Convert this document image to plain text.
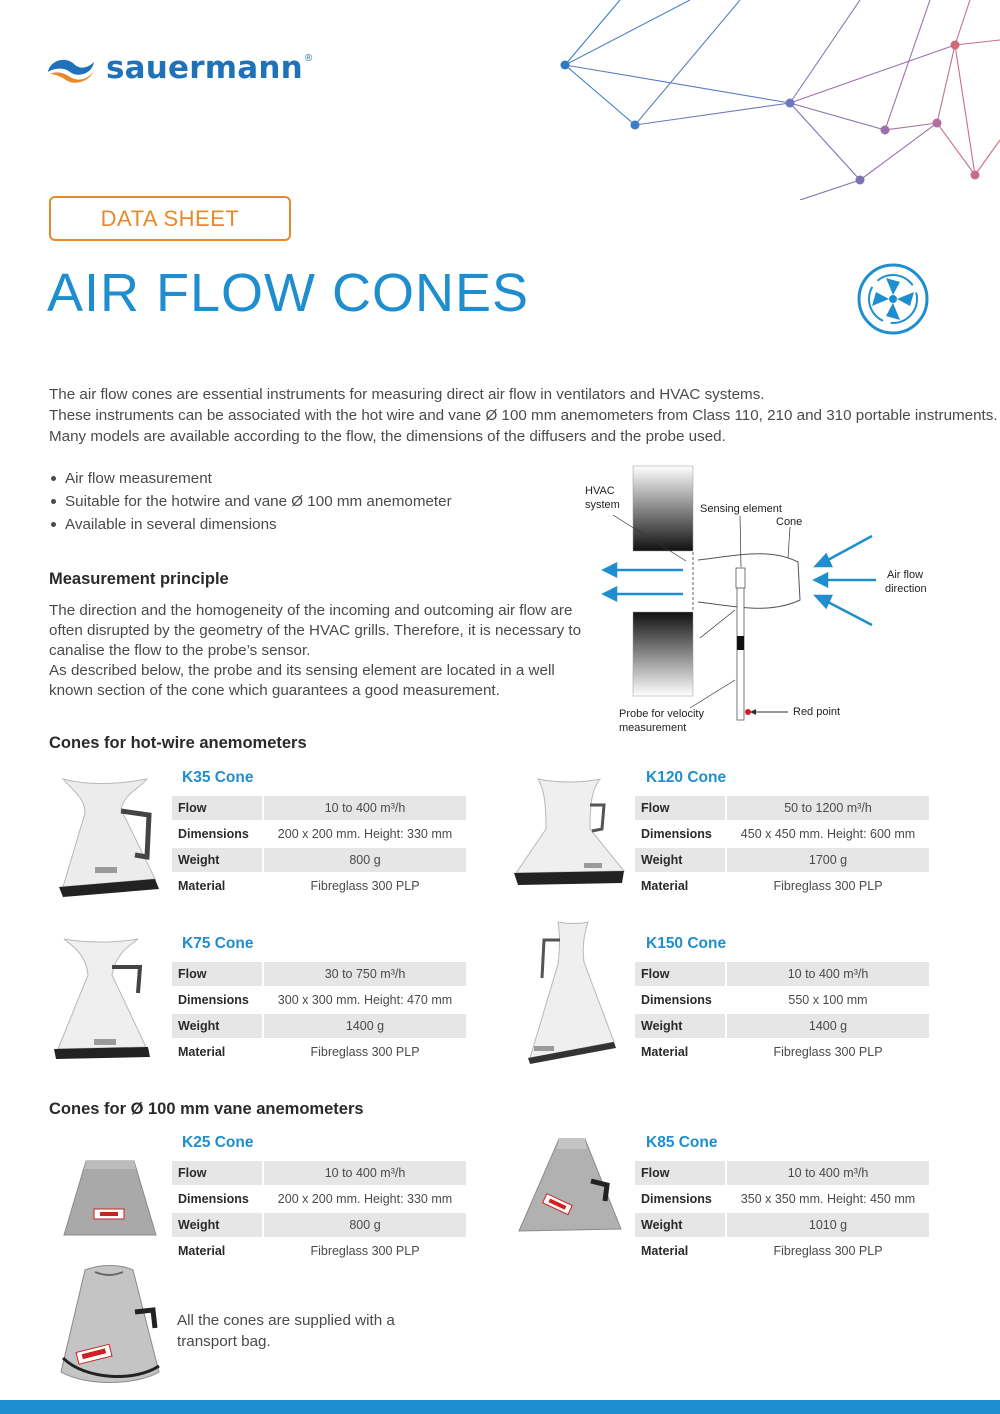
sauermann ®
DATA SHEET
AIR FLOW CONES

The air flow cones are essential instruments for measuring direct air flow in ventilators and HVAC systems.

These instruments can be associated with the hot wire and vane Ø 100 mm anemometers from Class 110, 210 and 310 portable instruments.

Many models are available according to the flow, the dimensions of the diffusers and the probe used.

Air flow measurement
Suitable for the hotwire and vane Ø 100 mm anemometer
Available in several dimensions
Measurement principle

The direction and the homogeneity of the incoming and outcoming air flow are

often disrupted by the geometry of the HVAC grills. Therefore, it is necessary to

canalise the flow to the probe’s sensor.

As described below, the probe and its sensing element are located in a well

known section of the cone which guarantees a good measurement.

HVAC
system	Sensing element
Cone
Air flow
direction
Probe for velocity
measurement
Red point
Cones for hot-wire anemometers
K35 Cone
Flow	10 to 400 m³/h
Dimensions	200 x 200 mm. Height: 330 mm
Weight	800 g
Material	Fibreglass 300 PLP
K120 Cone
Flow	50 to 1200 m³/h
Dimensions	450 x 450 mm. Height: 600 mm
Weight	1700 g
Material	Fibreglass 300 PLP
K75 Cone
Flow	30 to 750 m³/h
Dimensions	300 x 300 mm. Height: 470 mm
Weight	1400 g
Material	Fibreglass 300 PLP
K150 Cone
Flow	10 to 400 m³/h
Dimensions	550 x 100 mm
Weight	1400 g
Material	Fibreglass 300 PLP
Cones for Ø 100 mm vane anemometers
K25 Cone
Flow	10 to 400 m³/h
Dimensions	200 x 200 mm. Height: 330 mm
Weight	800 g
Material	Fibreglass 300 PLP
K85 Cone
Flow	10 to 400 m³/h
Dimensions	350 x 350 mm. Height: 450 mm
Weight	1010 g
Material	Fibreglass 300 PLP

All the cones are supplied with a

transport bag.
